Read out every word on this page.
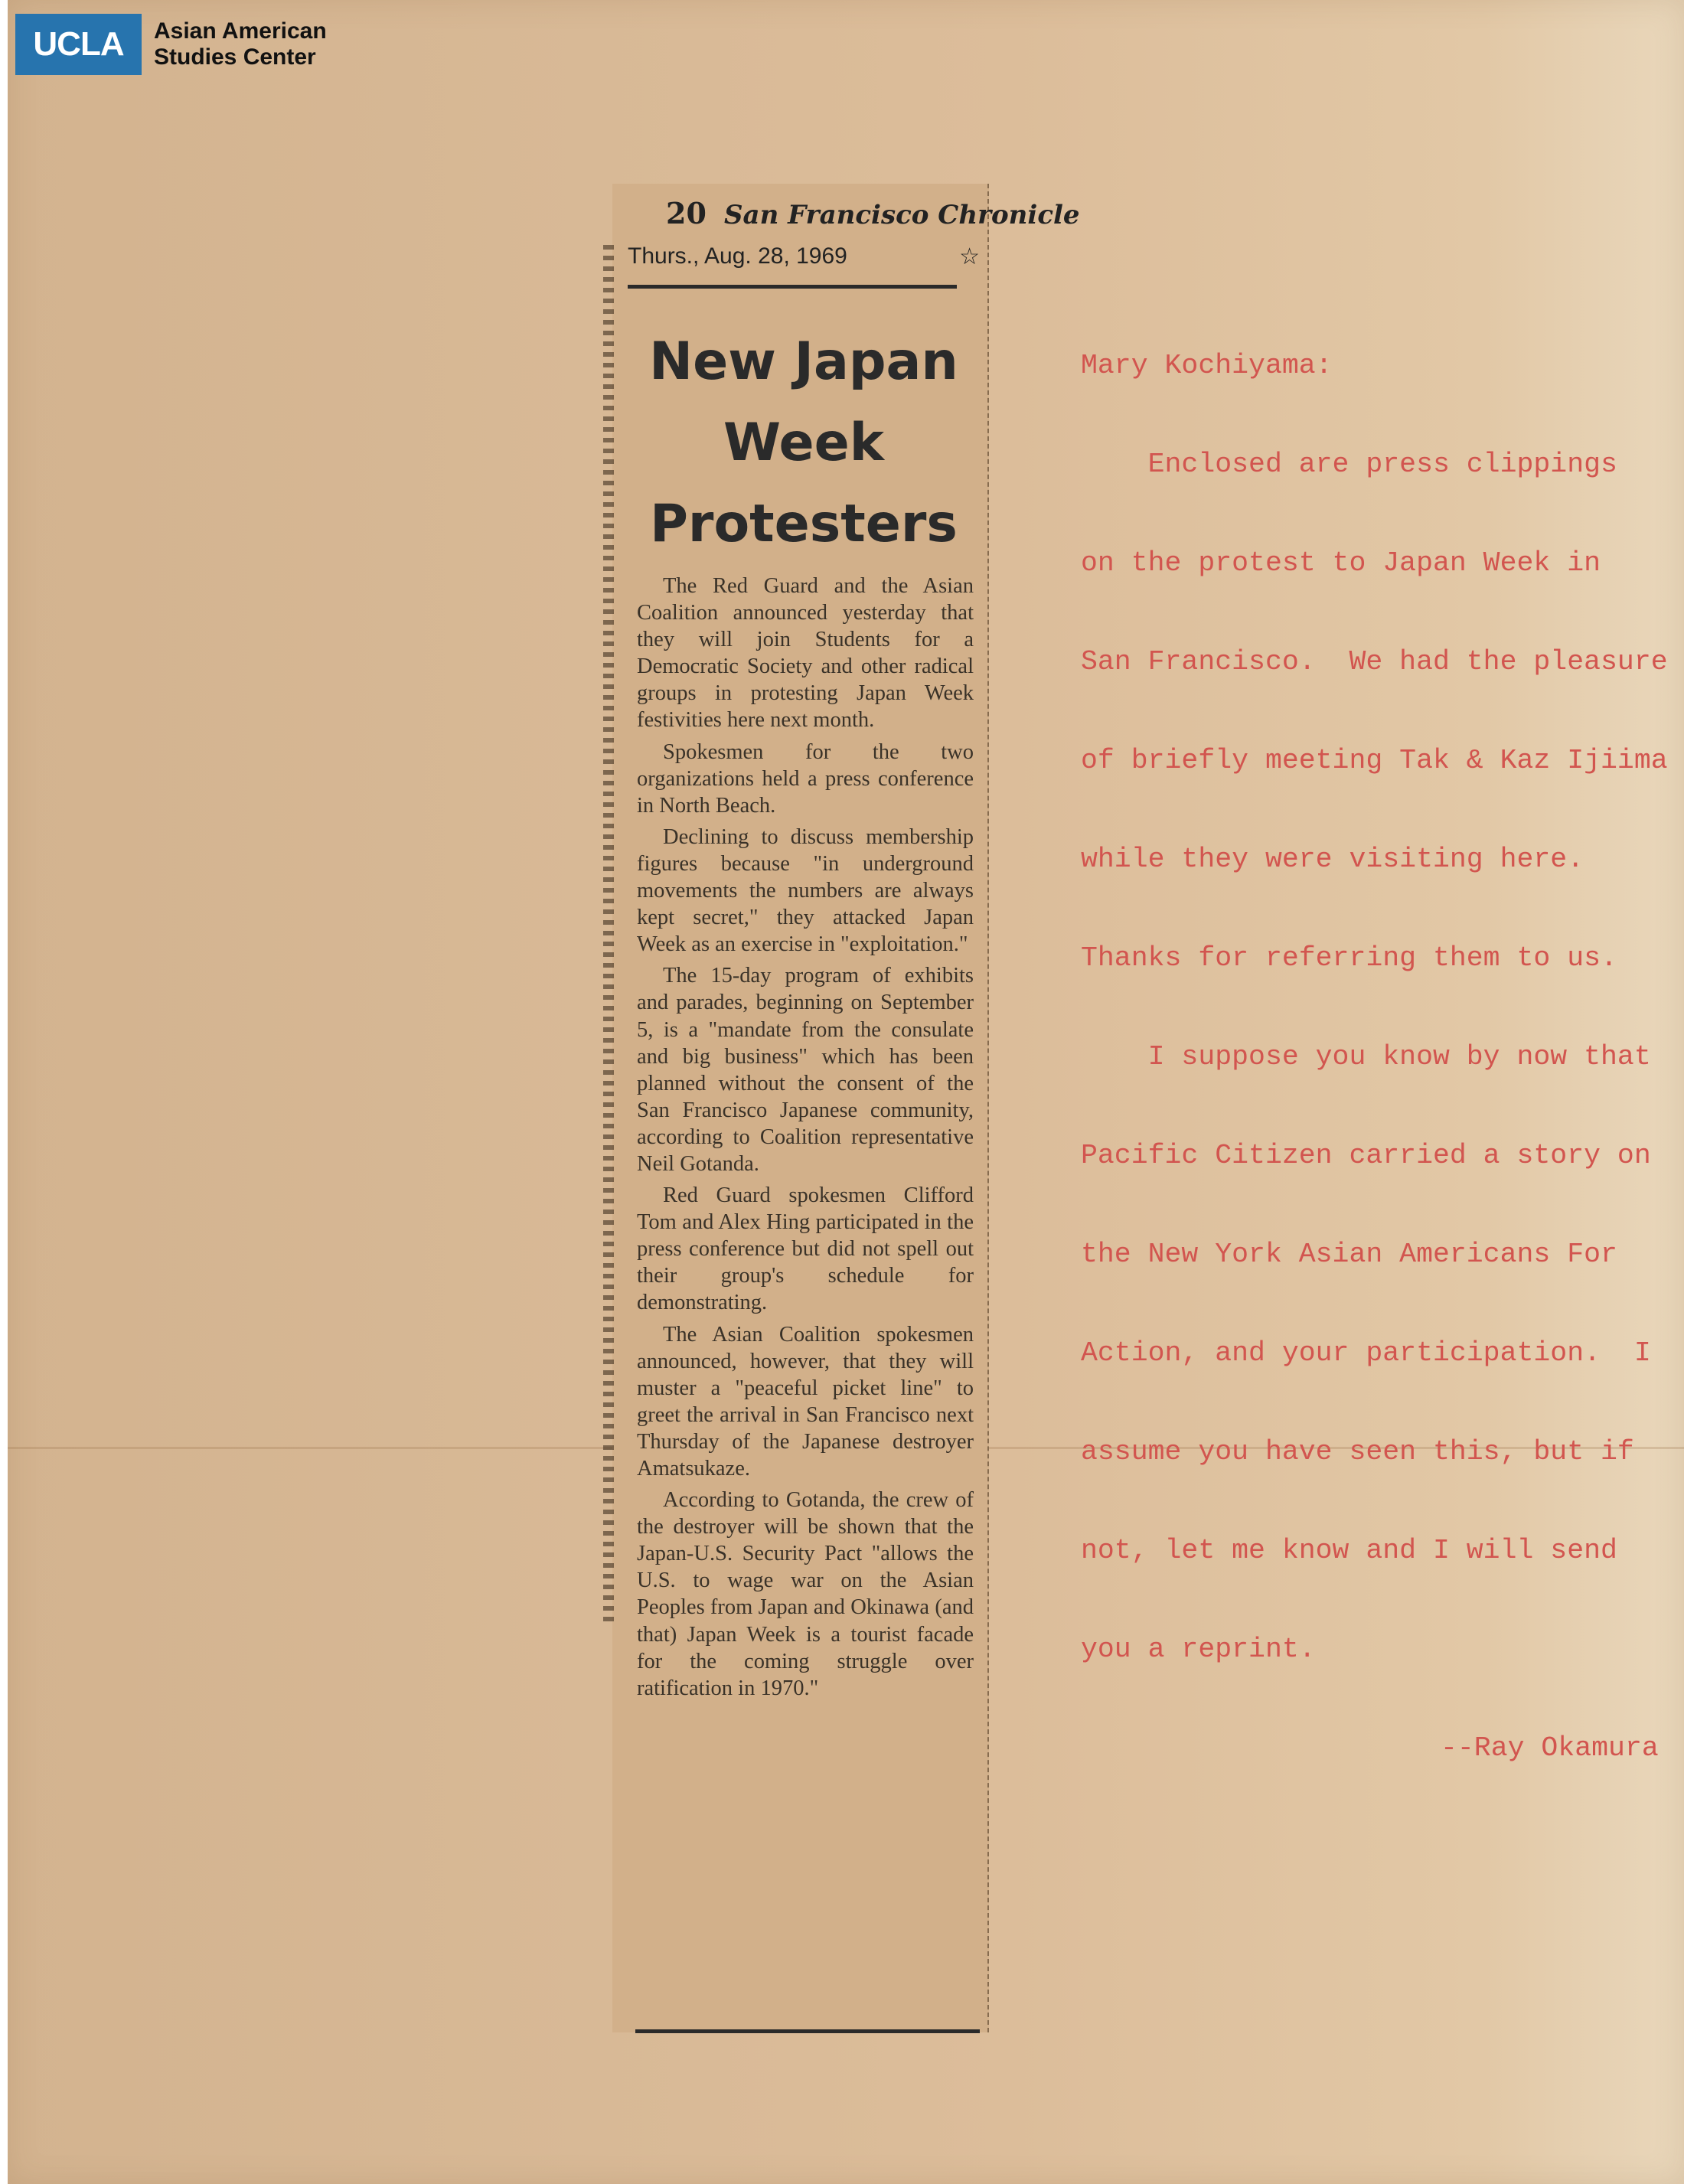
UCLA	Asian American
Studies Center
20 San Francisco Chronicle
Thurs., Aug. 28, 1969	☆
New Japan
Week
Protesters

The Red Guard and the Asian Coalition announced yesterday that they will join Students for a Democratic Society and other radical groups in protesting Japan Week festivities here next month.

Spokesmen for the two organizations held a press conference in North Beach.

Declining to discuss membership figures because "in underground movements the numbers are always kept secret," they attacked Japan Week as an exercise in "exploitation."

The 15-day program of exhibits and parades, beginning on September 5, is a "mandate from the consulate and big business" which has been planned without the consent of the San Francisco Japanese community, according to Coalition representative Neil Gotanda.

Red Guard spokesmen Clifford Tom and Alex Hing participated in the press conference but did not spell out their group's schedule for demonstrating.

The Asian Coalition spokesmen announced, however, that they will muster a "peaceful picket line" to greet the arrival in San Francisco next Thursday of the Japanese destroyer Amatsukaze.

According to Gotanda, the crew of the destroyer will be shown that the Japan-U.S. Security Pact "allows the U.S. to wage war on the Asian Peoples from Japan and Okinawa (and that) Japan Week is a tourist facade for the coming struggle over ratification in 1970."

Mary Kochiyama:

Enclosed are press clippings

on the protest to Japan Week in

San Francisco.  We had the pleasure

of briefly meeting Tak & Kaz Ijiima

while they were visiting here.

Thanks for referring them to us.

I suppose you know by now that

Pacific Citizen carried a story on

the New York Asian Americans For

Action, and your participation.  I

assume you have seen this, but if

not, let me know and I will send

you a reprint.

--Ray Okamura
